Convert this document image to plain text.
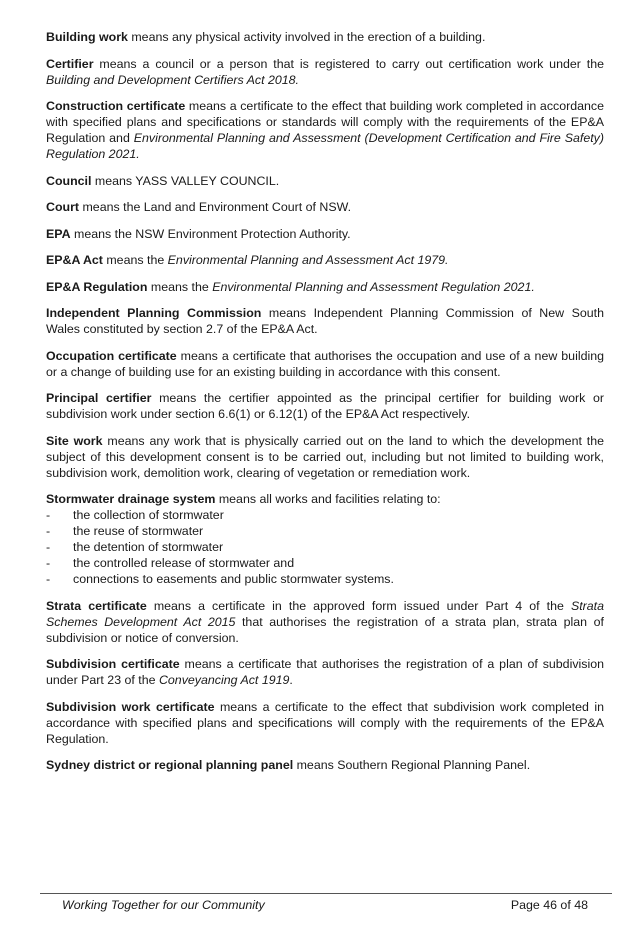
Building work means any physical activity involved in the erection of a building.

Certifier means a council or a person that is registered to carry out certification work under the Building and Development Certifiers Act 2018.

Construction certificate means a certificate to the effect that building work completed in accordance with specified plans and specifications or standards will comply with the requirements of the EP&A Regulation and Environmental Planning and Assessment (Development Certification and Fire Safety) Regulation 2021.

Council means YASS VALLEY COUNCIL.

Court means the Land and Environment Court of NSW.

EPA means the NSW Environment Protection Authority.

EP&A Act means the Environmental Planning and Assessment Act 1979.

EP&A Regulation means the Environmental Planning and Assessment Regulation 2021.

Independent Planning Commission means Independent Planning Commission of New South Wales constituted by section 2.7 of the EP&A Act.

Occupation certificate means a certificate that authorises the occupation and use of a new building or a change of building use for an existing building in accordance with this consent.

Principal certifier means the certifier appointed as the principal certifier for building work or subdivision work under section 6.6(1) or 6.12(1) of the EP&A Act respectively.

Site work means any work that is physically carried out on the land to which the development the subject of this development consent is to be carried out, including but not limited to building work, subdivision work, demolition work, clearing of vegetation or remediation work.

Stormwater drainage system means all works and facilities relating to:
- the collection of stormwater
- the reuse of stormwater
- the detention of stormwater
- the controlled release of stormwater and
- connections to easements and public stormwater systems.

Strata certificate means a certificate in the approved form issued under Part 4 of the Strata Schemes Development Act 2015 that authorises the registration of a strata plan, strata plan of subdivision or notice of conversion.

Subdivision certificate means a certificate that authorises the registration of a plan of subdivision under Part 23 of the Conveyancing Act 1919.

Subdivision work certificate means a certificate to the effect that subdivision work completed in accordance with specified plans and specifications will comply with the requirements of the EP&A Regulation.

Sydney district or regional planning panel means Southern Regional Planning Panel.

Working Together for our Community	Page 46 of 48
